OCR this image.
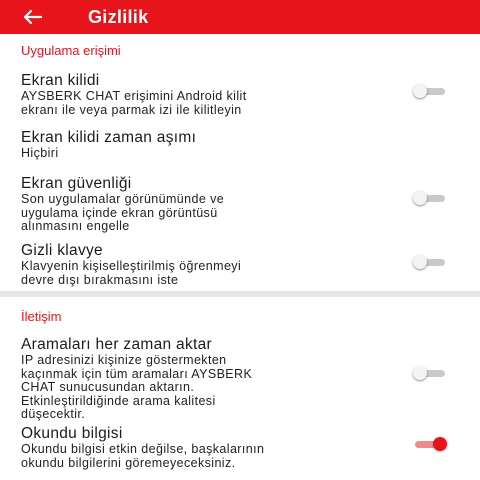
Gizlilik
Uygulama erişimi
Ekran kilidi
AYSBERK CHAT erişimini Android kilit
ekranı ile veya parmak izi ile kilitleyin
Ekran kilidi zaman aşımı
Hiçbiri
Ekran güvenliği
Son uygulamalar görünümünde ve
uygulama içinde ekran görüntüsü
alınmasını engelle
Gizli klavye
Klavyenin kişiselleştirilmiş öğrenmeyi
devre dışı bırakmasını iste
İletişim
Aramaları her zaman aktar
IP adresinizi kişinize göstermekten
kaçınmak için tüm aramaları AYSBERK
CHAT sunucusundan aktarın.
Etkinleştirildiğinde arama kalitesi
düşecektir.
Okundu bilgisi
Okundu bilgisi etkin değilse, başkalarının
okundu bilgilerini göremeyeceksiniz.
